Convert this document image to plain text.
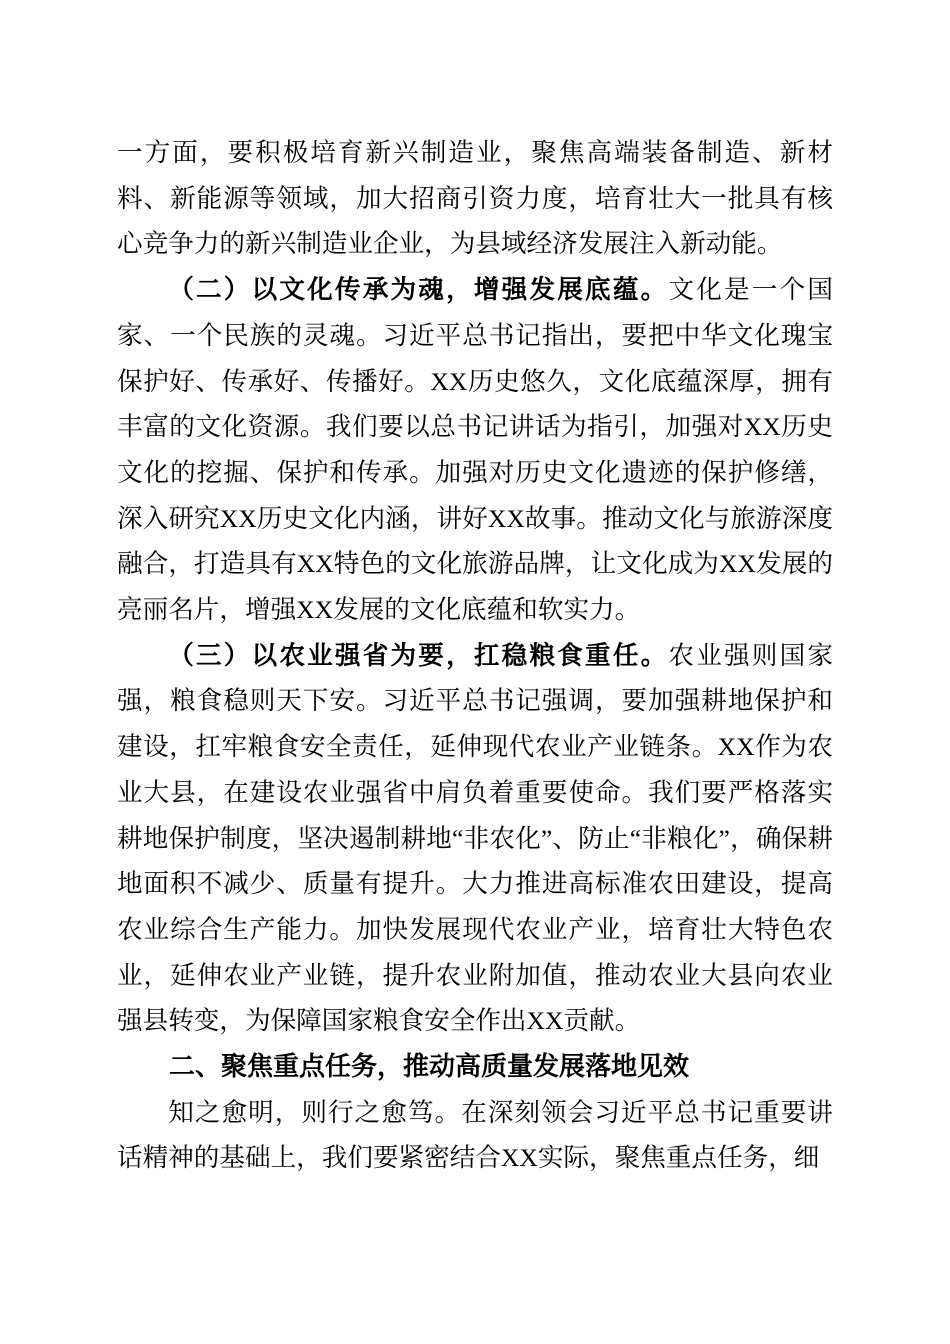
一方面，要积极培育新兴制造业，聚焦高端装备制造、新材料、新能源等领域，加大招商引资力度，培育壮大一批具有核心竞争力的新兴制造业企业，为县域经济发展注入新动能。

（二）以文化传承为魂，增强发展底蕴。文化是一个国家、一个民族的灵魂。习近平总书记指出，要把中华文化瑰宝保护好、传承好、传播好。XX历史悠久，文化底蕴深厚，拥有丰富的文化资源。我们要以总书记讲话为指引，加强对XX历史文化的挖掘、保护和传承。加强对历史文化遗迹的保护修缮，深入研究XX历史文化内涵，讲好XX故事。推动文化与旅游深度融合，打造具有XX特色的文化旅游品牌，让文化成为XX发展的亮丽名片，增强XX发展的文化底蕴和软实力。

（三）以农业强省为要，扛稳粮食重任。农业强则国家强，粮食稳则天下安。习近平总书记强调，要加强耕地保护和建设，扛牢粮食安全责任，延伸现代农业产业链条。XX作为农业大县，在建设农业强省中肩负着重要使命。我们要严格落实耕地保护制度，坚决遏制耕地“非农化”、防止“非粮化”，确保耕地面积不减少、质量有提升。大力推进高标准农田建设，提高农业综合生产能力。加快发展现代农业产业，培育壮大特色农业，延伸农业产业链，提升农业附加值，推动农业大县向农业强县转变，为保障国家粮食安全作出XX贡献。

二、聚焦重点任务，推动高质量发展落地见效

知之愈明，则行之愈笃。在深刻领会习近平总书记重要讲话精神的基础上，我们要紧密结合XX实际，聚焦重点任务，细
